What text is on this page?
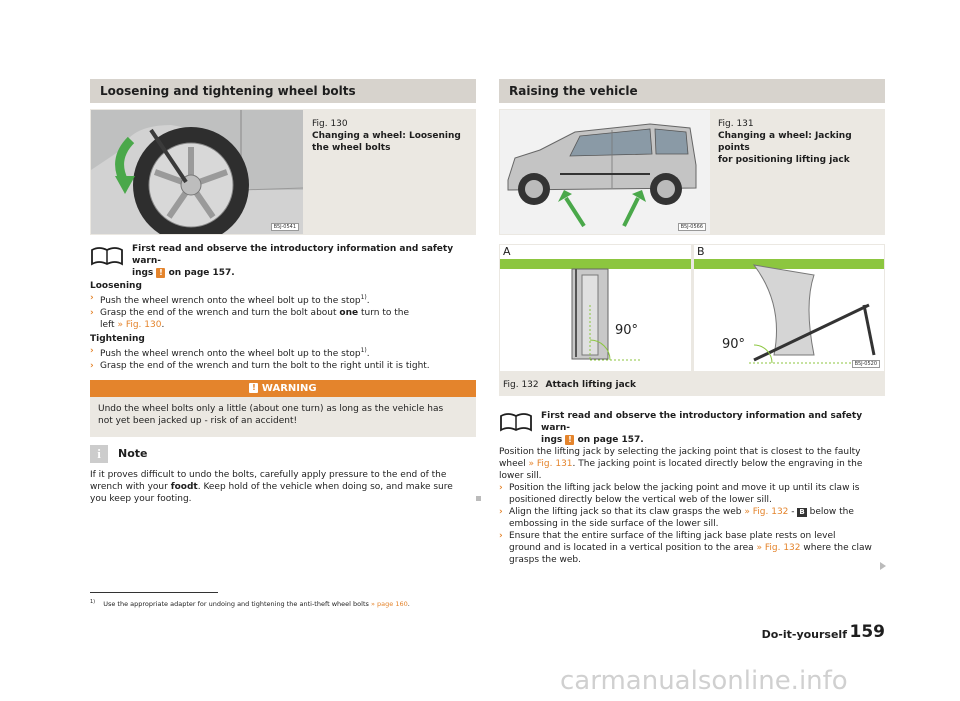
Loosening and tightening wheel bolts
B5J-0541
Fig. 130
Changing a wheel: Loosening
the wheel bolts
First read and observe the introductory information and safety warn-
ings ! on page 157.
Loosening
› Push the wheel wrench onto the wheel bolt up to the stop$^{1)}$.
› Grasp the end of the wrench and turn the bolt about one turn to the
left » Fig. 130.
Tightening
› Push the wheel wrench onto the wheel bolt up to the stop$^{1)}$.
› Grasp the end of the wrench and turn the bolt to the right until it is tight.
! WARNING
Undo the wheel bolts only a little (about one turn) as long as the vehicle has
not yet been jacked up - risk of an accident!
i	Note
If it proves difficult to undo the bolts, carefully apply pressure to the end of the
wrench with your foodt. Keep hold of the vehicle when doing so, and make sure
you keep your footing.
Raising the vehicle
B5J-0566
Fig. 131
Changing a wheel: Jacking points
for positioning lifting jack
A
90°
B
90°
B5J-0520
Fig. 132 Attach lifting jack
First read and observe the introductory information and safety warn-
ings ! on page 157.
Position the lifting jack by selecting the jacking point that is closest to the faulty
wheel » Fig. 131. The jacking point is located directly below the engraving in the
lower sill.
› Position the lifting jack below the jacking point and move it up until its claw is
positioned directly below the vertical web of the lower sill.
› Align the lifting jack so that its claw grasps the web » Fig. 132 - B below the
embossing in the side surface of the lower sill.
› Ensure that the entire surface of the lifting jack base plate rests on level
ground and is located in a vertical position to the area » Fig. 132 where the claw
grasps the web.
$^{1)}$ Use the appropriate adapter for undoing and tightening the anti-theft wheel bolts » page 160.
Do-it-yourself 159
carmanualsonline.info
